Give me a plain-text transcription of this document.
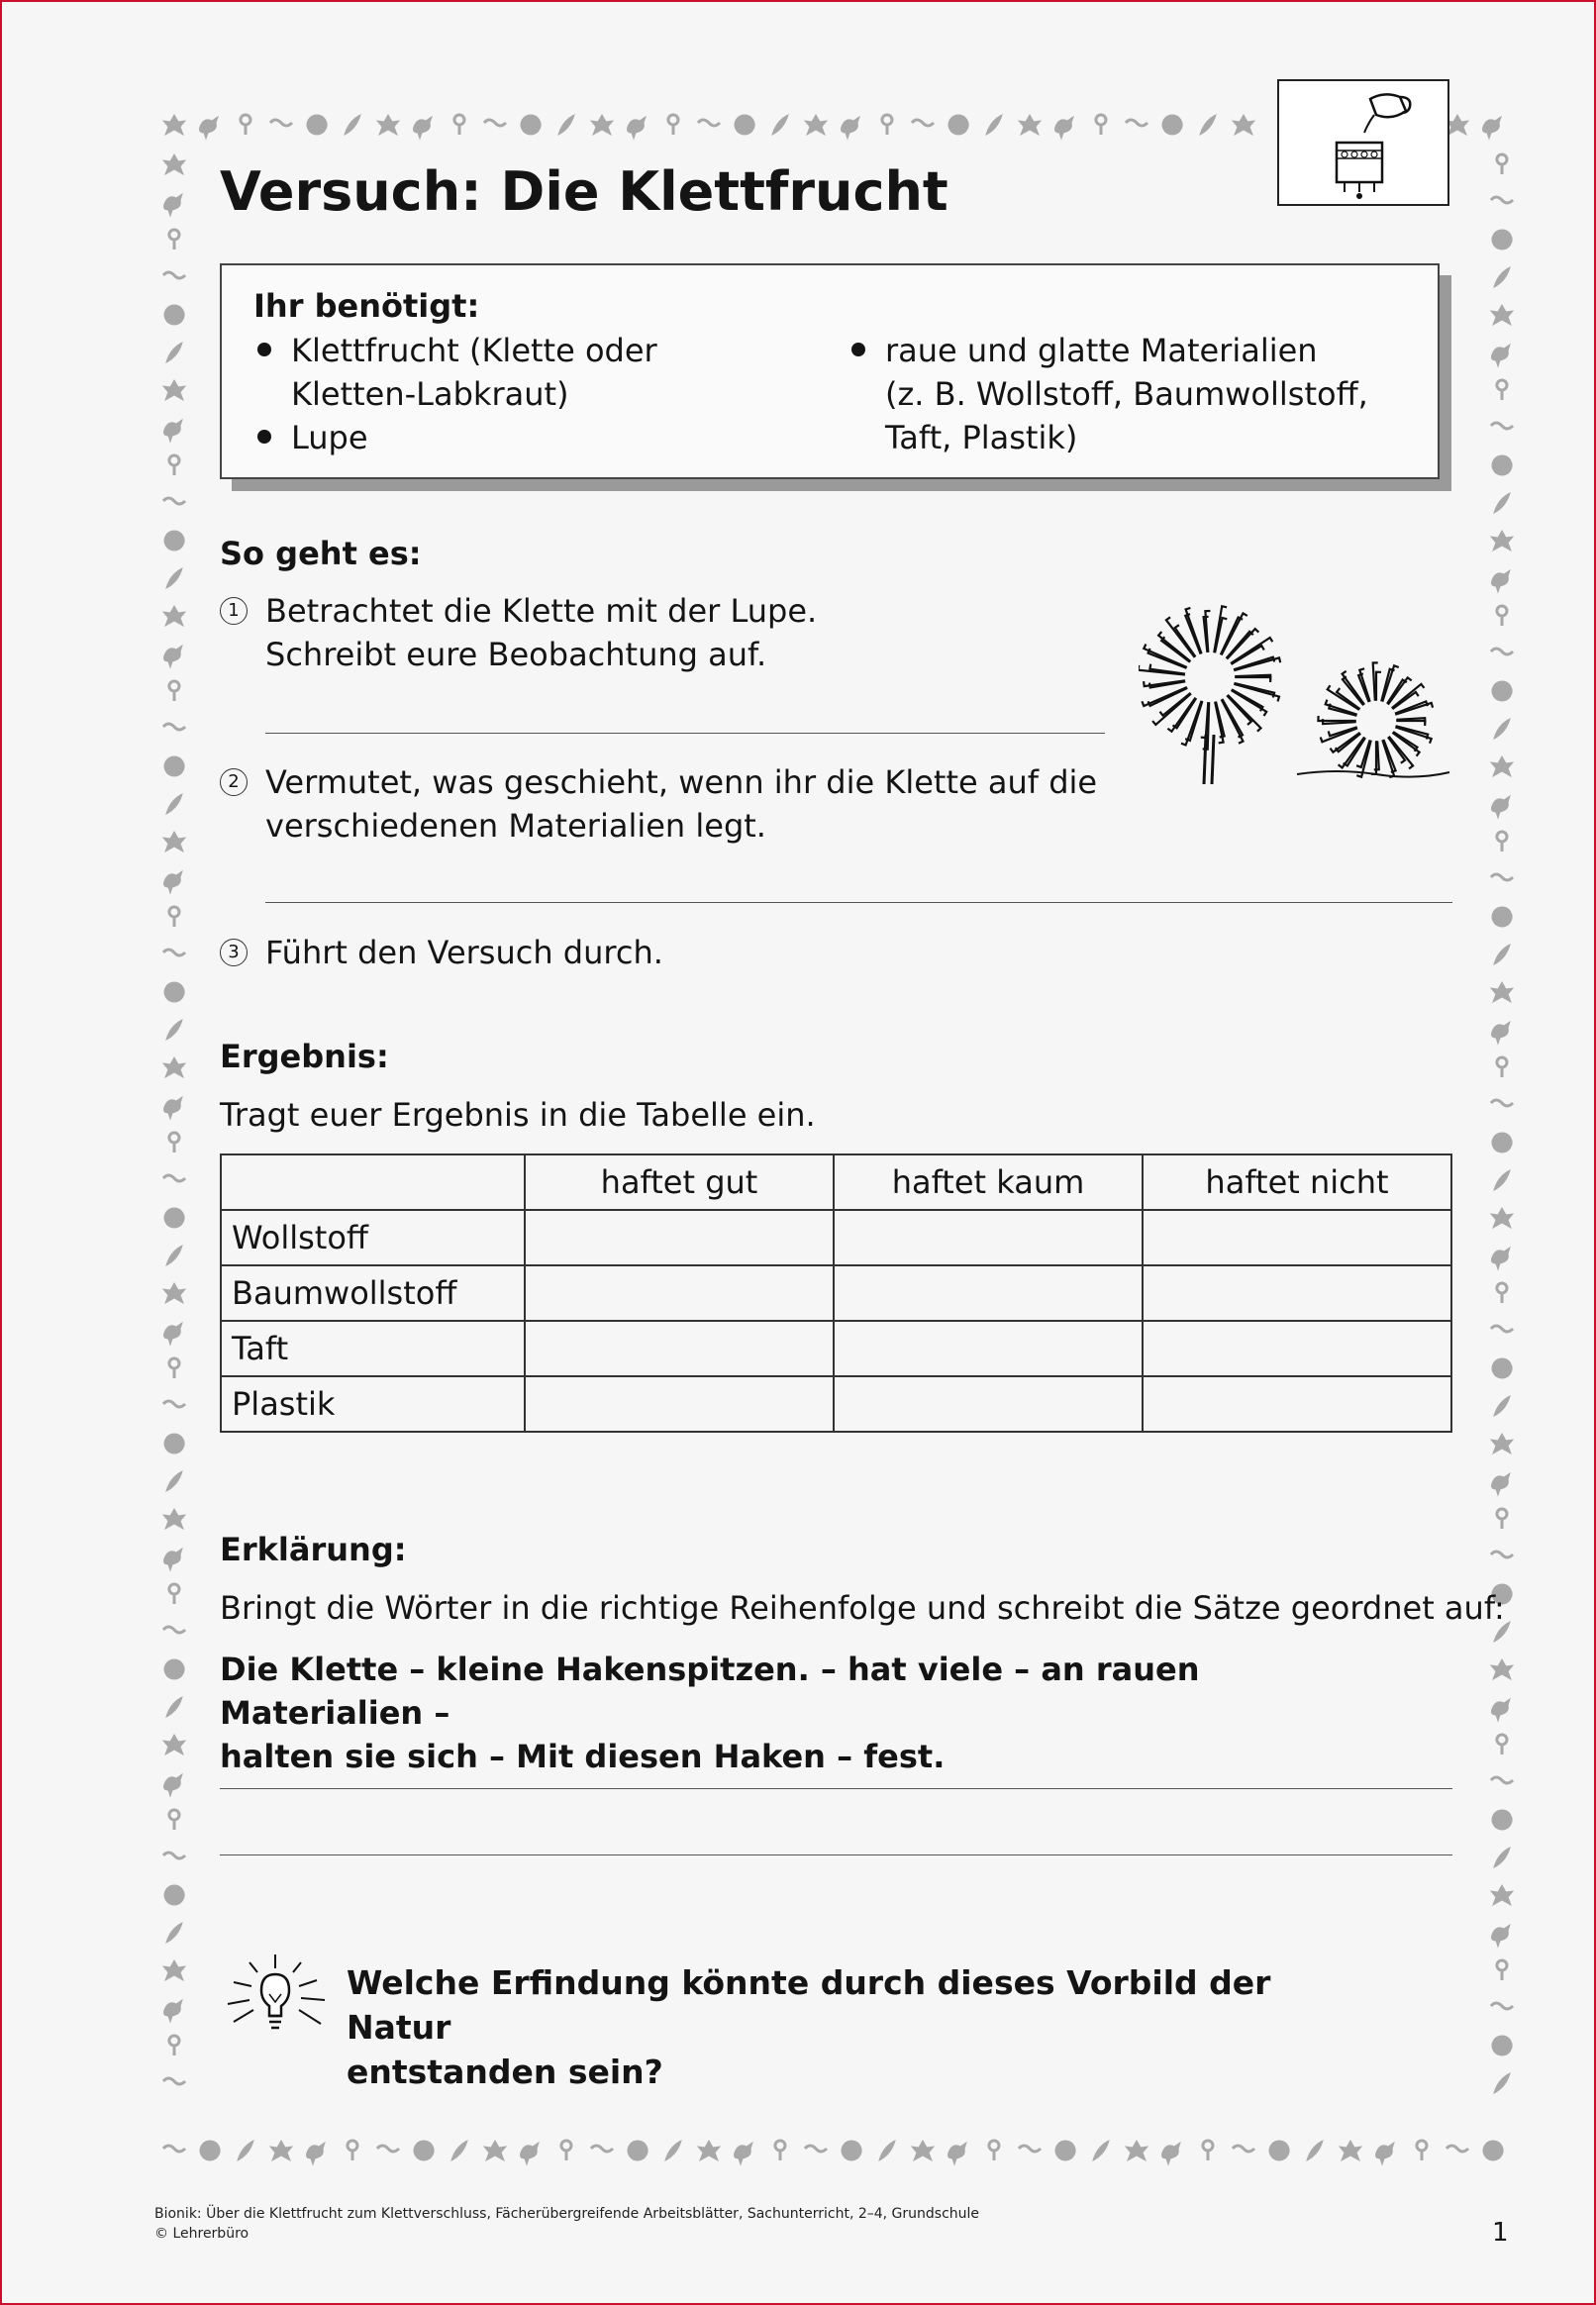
Versuch: Die Klettfrucht
Ihr benötigt:
Klettfrucht (Klette oder
Kletten-Labkraut)
Lupe
raue und glatte Materialien
(z. B. Wollstoff, Baumwollstoff,
Taft, Plastik)
So geht es:
1 Betrachtet die Klette mit der Lupe.
Schreibt eure Beobachtung auf.
2 Vermutet, was geschieht, wenn ihr die Klette auf die
verschiedenen Materialien legt.
3 Führt den Versuch durch.
Ergebnis:
Tragt euer Ergebnis in die Tabelle ein.
	haftet gut	haftet kaum	haftet nicht
Wollstoff			
Baumwollstoff			
Taft			
Plastik			
Erklärung:
Bringt die Wörter in die richtige Reihenfolge und schreibt die Sätze geordnet auf:
Die Klette – kleine Hakenspitzen. – hat viele – an rauen Materialien –
halten sie sich – Mit diesen Haken – fest.
Welche Erfindung könnte durch dieses Vorbild der Natur
entstanden sein?
Bionik: Über die Klettfrucht zum Klettverschluss, Fächerübergreifende Arbeitsblätter, Sachunterricht, 2–4, Grundschule
© Lehrerbüro	1
